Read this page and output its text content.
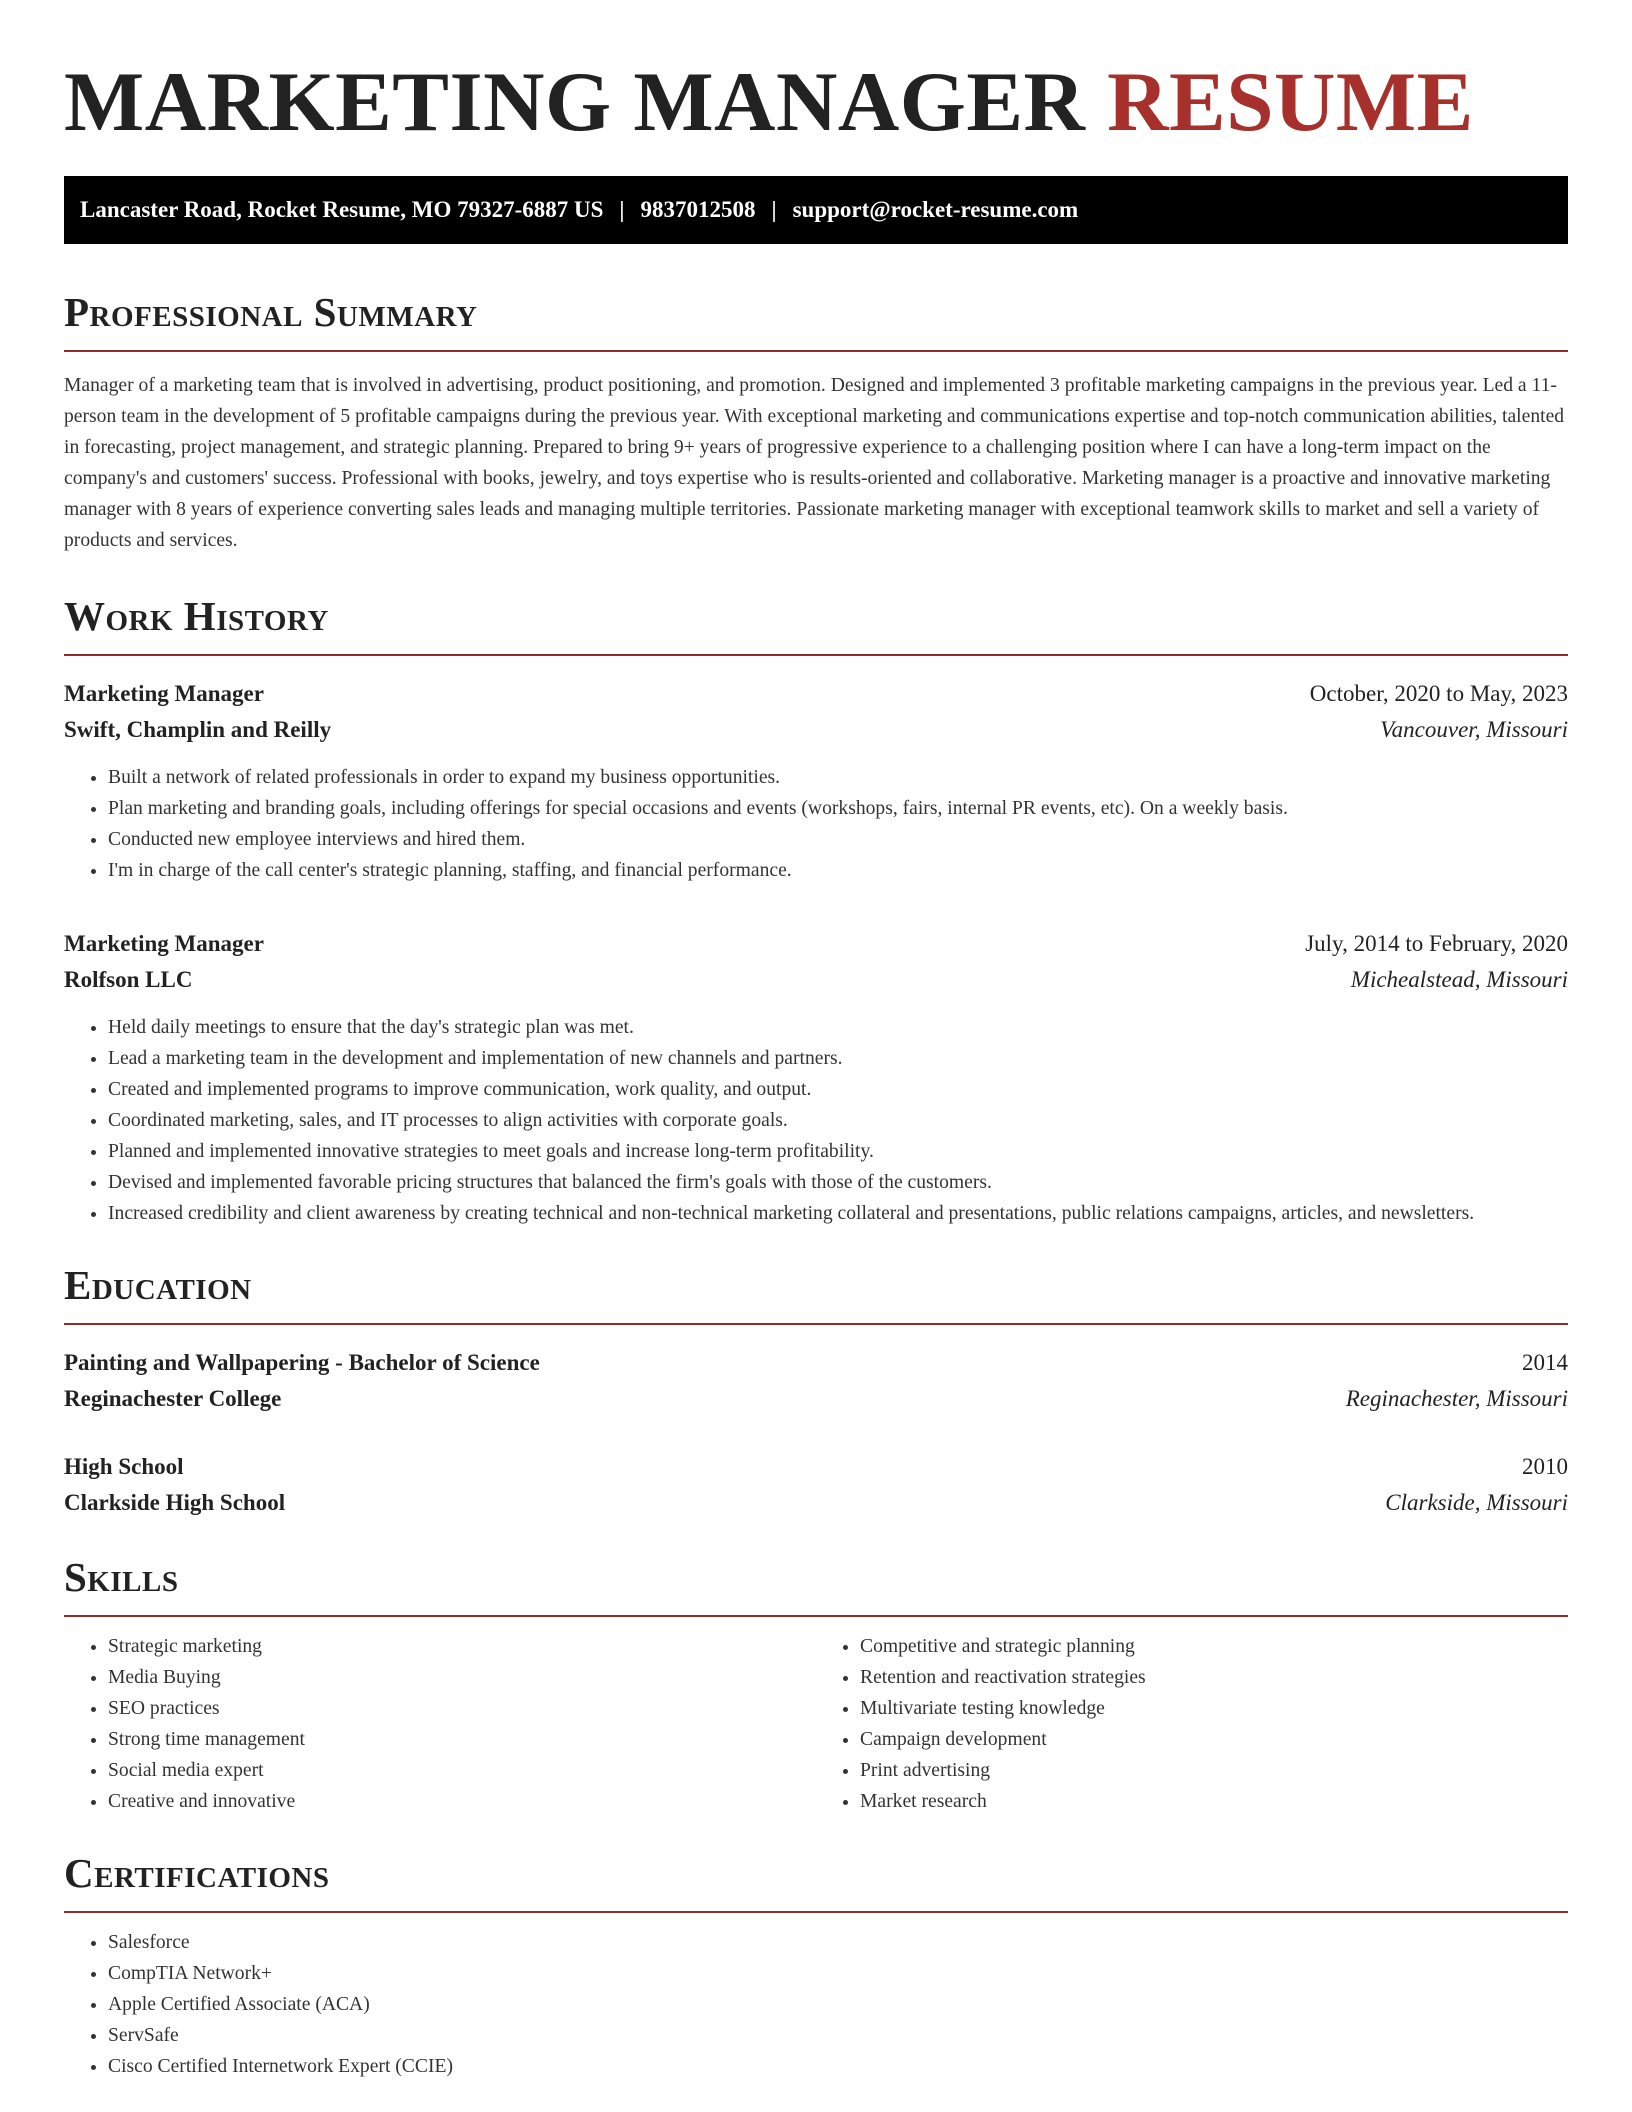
MARKETING MANAGER RESUME
Lancaster Road, Rocket Resume, MO 79327-6887 US | 9837012508 | support@rocket-resume.com
Professional Summary

Manager of a marketing team that is involved in advertising, product positioning, and promotion. Designed and implemented 3 profitable marketing campaigns in the previous year. Led a 11-person team in the development of 5 profitable campaigns during the previous year. With exceptional marketing and communications expertise and top-notch communication abilities, talented in forecasting, project management, and strategic planning. Prepared to bring 9+ years of progressive experience to a challenging position where I can have a long-term impact on the company's and customers' success. Professional with books, jewelry, and toys expertise who is results-oriented and collaborative. Marketing manager is a proactive and innovative marketing manager with 8 years of experience converting sales leads and managing multiple territories. Passionate marketing manager with exceptional teamwork skills to market and sell a variety of products and services.

Work History
Marketing Manager	October, 2020 to May, 2023
Swift, Champlin and Reilly	Vancouver, Missouri
• Built a network of related professionals in order to expand my business opportunities.
• Plan marketing and branding goals, including offerings for special occasions and events (workshops, fairs, internal PR events, etc). On a weekly basis.
• Conducted new employee interviews and hired them.
• I'm in charge of the call center's strategic planning, staffing, and financial performance.
Marketing Manager	July, 2014 to February, 2020
Rolfson LLC	Michealstead, Missouri
• Held daily meetings to ensure that the day's strategic plan was met.
• Lead a marketing team in the development and implementation of new channels and partners.
• Created and implemented programs to improve communication, work quality, and output.
• Coordinated marketing, sales, and IT processes to align activities with corporate goals.
• Planned and implemented innovative strategies to meet goals and increase long-term profitability.
• Devised and implemented favorable pricing structures that balanced the firm's goals with those of the customers.
• Increased credibility and client awareness by creating technical and non-technical marketing collateral and presentations, public relations campaigns, articles, and newsletters.
Education
Painting and Wallpapering - Bachelor of Science	2014
Reginachester College	Reginachester, Missouri
High School	2010
Clarkside High School	Clarkside, Missouri
Skills
• Strategic marketing
• Media Buying
• SEO practices
• Strong time management
• Social media expert
• Creative and innovative
• Competitive and strategic planning
• Retention and reactivation strategies
• Multivariate testing knowledge
• Campaign development
• Print advertising
• Market research
Certifications
• Salesforce
• CompTIA Network+
• Apple Certified Associate (ACA)
• ServSafe
• Cisco Certified Internetwork Expert (CCIE)
